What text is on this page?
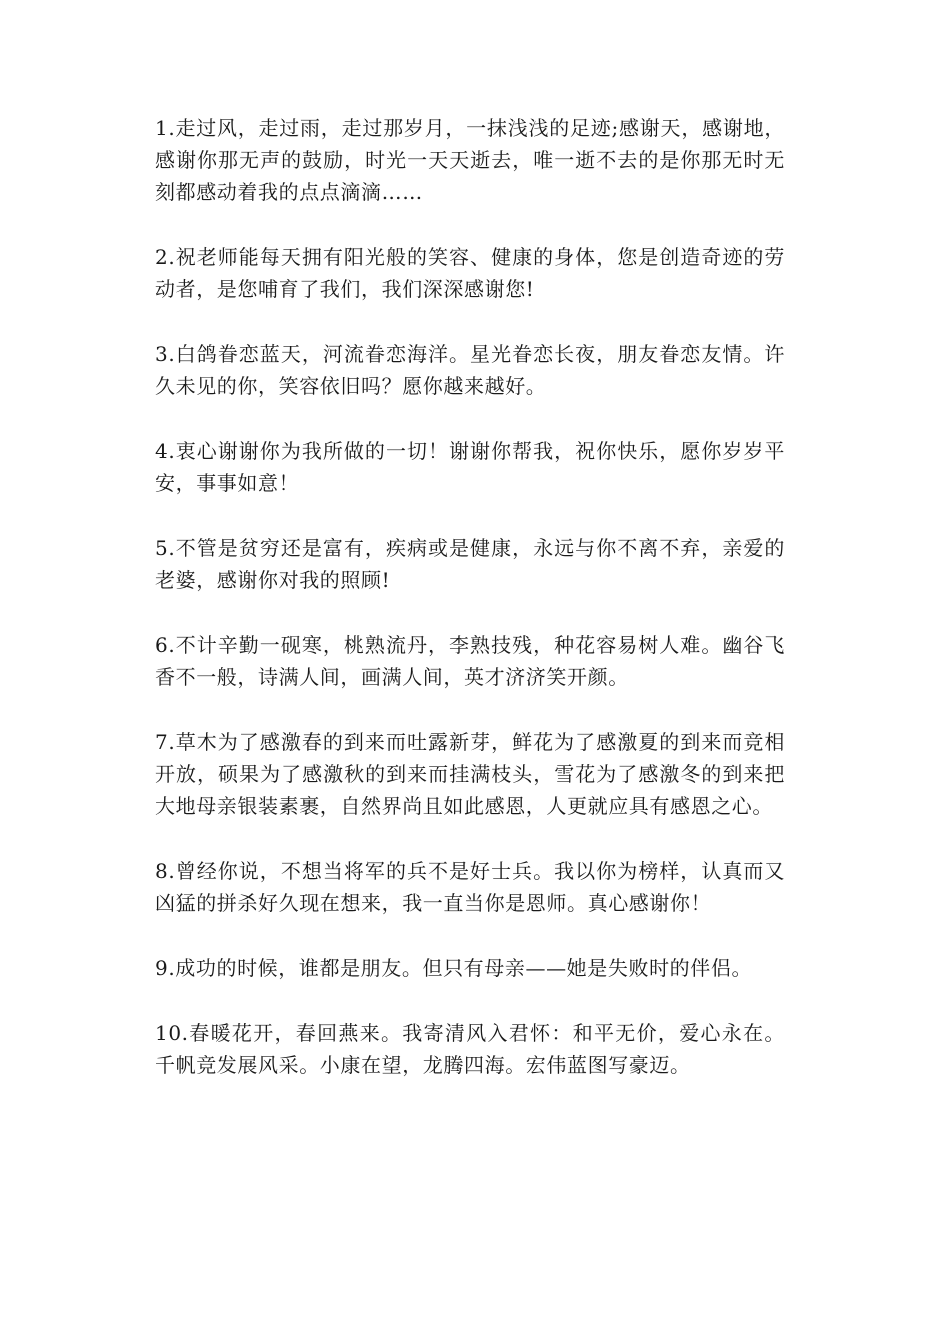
1.走过风，走过雨，走过那岁月，一抹浅浅的足迹;感谢天，感谢地，感谢你那无声的鼓励，时光一天天逝去，唯一逝不去的是你那无时无刻都感动着我的点点滴滴……

2.祝老师能每天拥有阳光般的笑容、健康的身体，您是创造奇迹的劳动者，是您哺育了我们，我们深深感谢您!

3.白鸽眷恋蓝天，河流眷恋海洋。星光眷恋长夜，朋友眷恋友情。许久未见的你，笑容依旧吗？愿你越来越好。

4.衷心谢谢你为我所做的一切！谢谢你帮我，祝你快乐，愿你岁岁平安，事事如意！

5.不管是贫穷还是富有，疾病或是健康，永远与你不离不弃，亲爱的老婆，感谢你对我的照顾!

6.不计辛勤一砚寒，桃熟流丹，李熟技残，种花容易树人难。幽谷飞香不一般，诗满人间，画满人间，英才济济笑开颜。

7.草木为了感激春的到来而吐露新芽，鲜花为了感激夏的到来而竞相开放，硕果为了感激秋的到来而挂满枝头，雪花为了感激冬的到来把大地母亲银装素裹，自然界尚且如此感恩，人更就应具有感恩之心。

8.曾经你说，不想当将军的兵不是好士兵。我以你为榜样，认真而又凶猛的拼杀好久现在想来，我一直当你是恩师。真心感谢你！

9.成功的时候，谁都是朋友。但只有母亲——她是失败时的伴侣。

10.春暖花开，春回燕来。我寄清风入君怀：和平无价，爱心永在。千帆竞发展风采。小康在望，龙腾四海。宏伟蓝图写豪迈。
